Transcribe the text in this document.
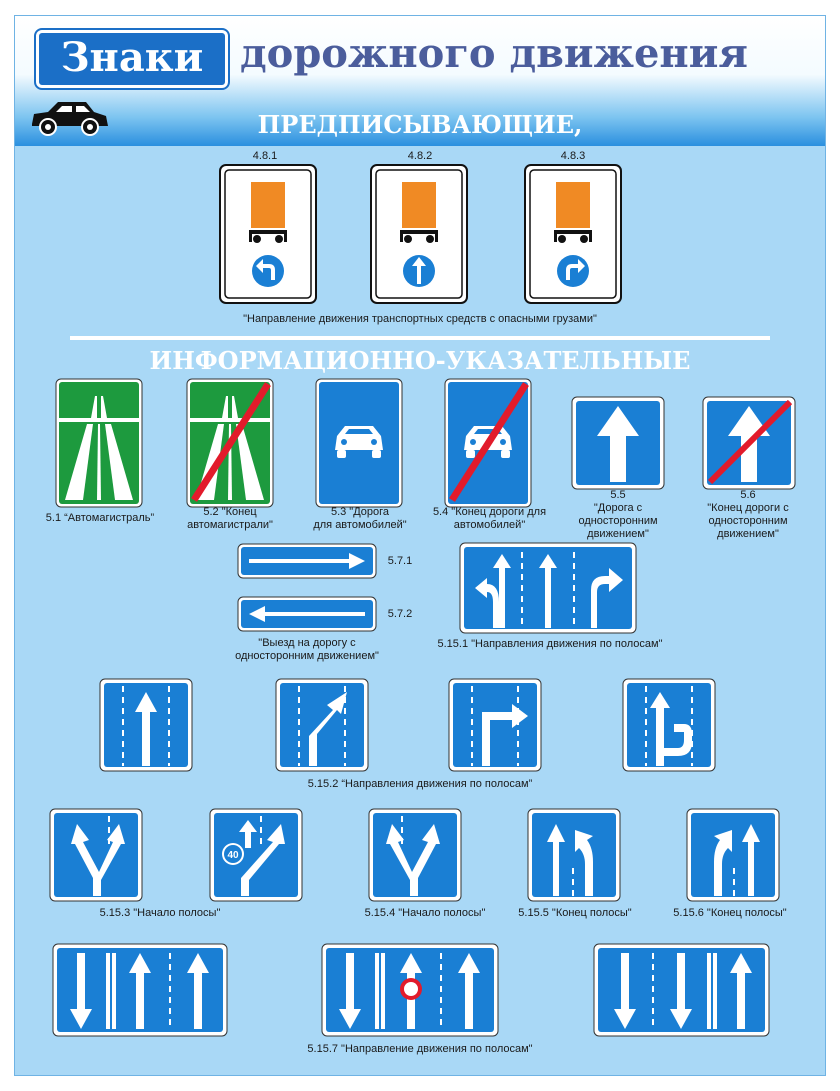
Знаки дорожного движения
ПРЕДПИСЫВАЮЩИЕ,
4.8.1	4.8.2	4.8.3
"Направление движения транспортных средств с опасными грузами"
ИНФОРМАЦИОННО-УКАЗАТЕЛЬНЫЕ
5.1 “Автомагистраль”	5.2 "Конец
автомагистрали"
5.3 "Дорога
для автомобилей"
5.4 "Конец дороги для
автомобилей"
5.5
"Дорога с
односторонним
движением"
5.6
"Конец дороги с
односторонним
движением"
5.7.1
5.7.2
"Выезд на дорогу с
односторонним движением"
5.15.1 "Направления движения по полосам"
5.15.2 “Направления движения по полосам”
40
5.15.3 "Начало полосы"	5.15.4 "Начало полосы"	5.15.5 "Конец полосы"	5.15.6 "Конец полосы"
5.15.7 "Направление движения по полосам"
